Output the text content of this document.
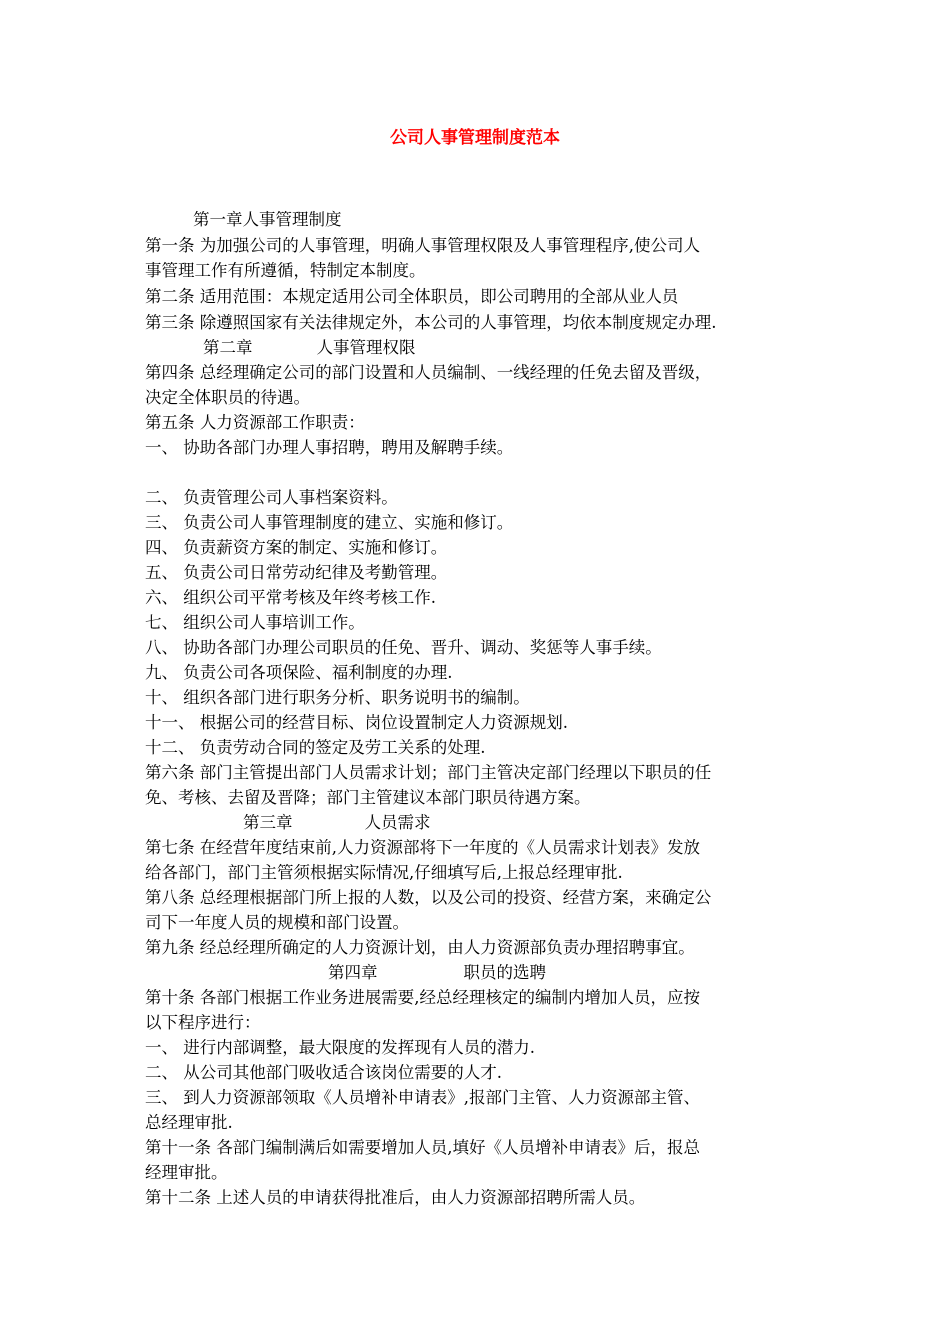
公司人事管理制度范本
第一章人事管理制度
第一条 为加强公司的人事管理，明确人事管理权限及人事管理程序,使公司人
事管理工作有所遵循，特制定本制度。
第二条 适用范围：本规定适用公司全体职员，即公司聘用的全部从业人员
第三条 除遵照国家有关法律规定外，本公司的人事管理，均依本制度规定办理.
第二章	人事管理权限
第四条 总经理确定公司的部门设置和人员编制、一线经理的任免去留及晋级，
决定全体职员的待遇。
第五条 人力资源部工作职责：
一、 协助各部门办理人事招聘，聘用及解聘手续。
二、 负责管理公司人事档案资料。
三、 负责公司人事管理制度的建立、实施和修订。
四、 负责薪资方案的制定、实施和修订。
五、 负责公司日常劳动纪律及考勤管理。
六、 组织公司平常考核及年终考核工作.
七、 组织公司人事培训工作。
八、 协助各部门办理公司职员的任免、晋升、调动、奖惩等人事手续。
九、 负责公司各项保险、福利制度的办理.
十、 组织各部门进行职务分析、职务说明书的编制。
十一、 根据公司的经营目标、岗位设置制定人力资源规划.
十二、 负责劳动合同的签定及劳工关系的处理.
第六条 部门主管提出部门人员需求计划；部门主管决定部门经理以下职员的任
免、考核、去留及晋降；部门主管建议本部门职员待遇方案。
第三章	人员需求
第七条 在经营年度结束前,人力资源部将下一年度的《人员需求计划表》发放
给各部门，部门主管须根据实际情况,仔细填写后,上报总经理审批.
第八条 总经理根据部门所上报的人数，以及公司的投资、经营方案，来确定公
司下一年度人员的规模和部门设置。
第九条 经总经理所确定的人力资源计划，由人力资源部负责办理招聘事宜。
第四章	职员的选聘
第十条 各部门根据工作业务进展需要,经总经理核定的编制内增加人员，应按
以下程序进行：
一、 进行内部调整，最大限度的发挥现有人员的潜力.
二、 从公司其他部门吸收适合该岗位需要的人才.
三、 到人力资源部领取《人员增补申请表》,报部门主管、人力资源部主管、
总经理审批.
第十一条 各部门编制满后如需要增加人员,填好《人员增补申请表》后，报总
经理审批。
第十二条 上述人员的申请获得批准后，由人力资源部招聘所需人员。
